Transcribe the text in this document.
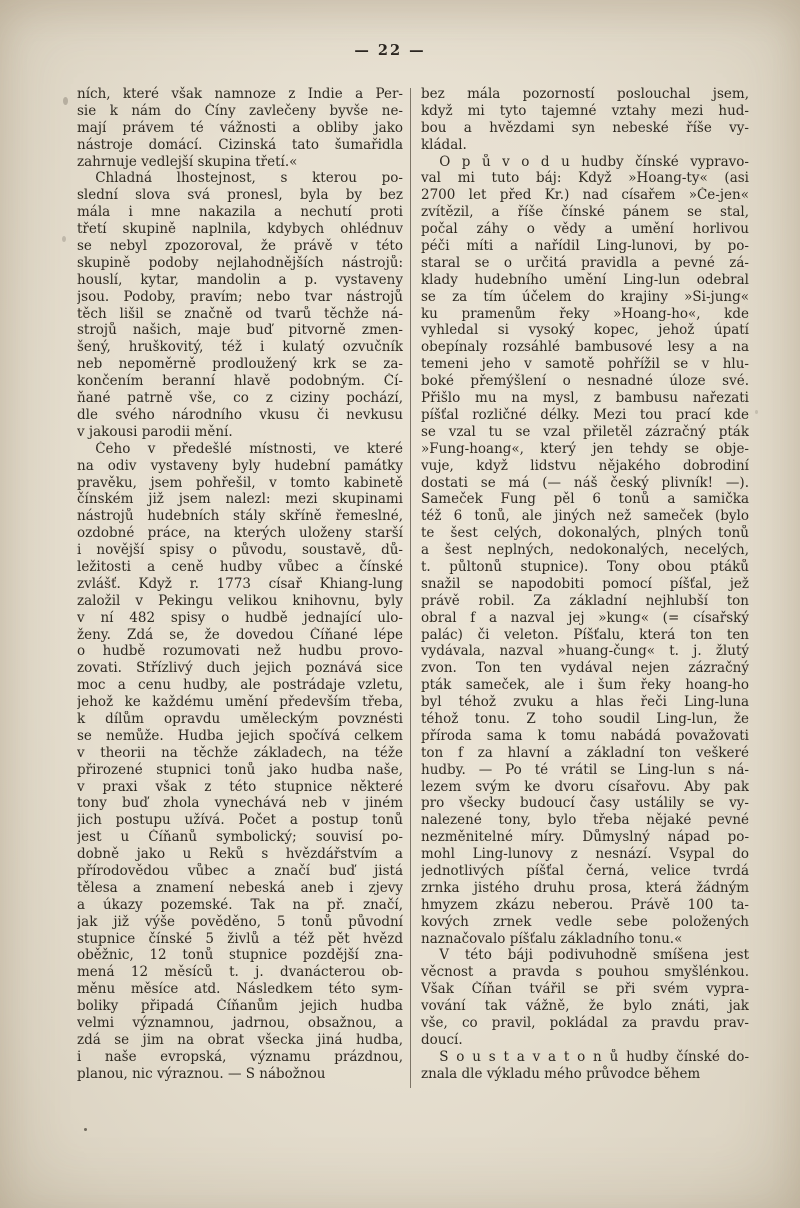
— 22 —
ních, které však namnoze z Indie a Per-
sie k nám do Číny zavlečeny byvše ne-
mají právem té vážnosti a obliby jako
nástroje domácí. Cizinská tato šumařidla
zahrnuje vedlejší skupina třetí.«
Chladná lhostejnost, s kterou po-
slední slova svá pronesl, byla by bez
mála i mne nakazila a nechutí proti
třetí skupině naplnila, kdybych ohlédnuv
se nebyl zpozoroval, že právě v této
skupině podoby nejlahodnějších nástrojů:
houslí, kytar, mandolin a p. vystaveny
jsou. Podoby, pravím; nebo tvar nástrojů
těch lišil se značně od tvarů těchže ná-
strojů našich, maje buď pitvorně zmen-
šený, hruškovitý, též i kulatý ozvučník
neb nepoměrně prodloužený krk se za-
končením beranní hlavě podobným. Čí-
ňané patrně vše, co z ciziny pochází,
dle svého národního vkusu či nevkusu
v jakousi parodii mění.
Čeho v předešlé místnosti, ve které
na odiv vystaveny byly hudební památky
pravěku, jsem pohřešil, v tomto kabinetě
čínském již jsem nalezl: mezi skupinami
nástrojů hudebních stály skříně řemeslné,
ozdobné práce, na kterých uloženy starší
i novější spisy o původu, soustavě, dů-
ležitosti a ceně hudby vůbec a čínské
zvlášť. Když r. 1773 císař Khiang-lung
založil v Pekingu velikou knihovnu, byly
v ní 482 spisy o hudbě jednající ulo-
ženy. Zdá se, že dovedou Číňané lépe
o hudbě rozumovati než hudbu provo-
zovati. Střízlivý duch jejich poznává sice
moc a cenu hudby, ale postrádaje vzletu,
jehož ke každému umění především třeba,
k dílům opravdu uměleckým povznésti
se nemůže. Hudba jejich spočívá celkem
v theorii na těchže základech, na téže
přirozené stupnici tonů jako hudba naše,
v praxi však z této stupnice některé
tony buď zhola vynechává neb v jiném
jich postupu užívá. Počet a postup tonů
jest u Číňanů symbolický; souvisí po-
dobně jako u Reků s hvězdářstvím a
přírodovědou vůbec a značí buď jistá
tělesa a znamení nebeská aneb i zjevy
a úkazy pozemské. Tak na př. značí,
jak již výše pověděno, 5 tonů původní
stupnice čínské 5 živlů a též pět hvězd
oběžnic, 12 tonů stupnice pozdější zna-
mená 12 měsíců t. j. dvanácterou ob-
měnu měsíce atd. Následkem této sym-
boliky připadá Číňanům jejich hudba
velmi významnou, jadrnou, obsažnou, a
zdá se jim na obrat všecka jiná hudba,
i naše evropská, významu prázdnou,
planou, nic výraznou. — S nábožnou
bez mála pozorností poslouchal jsem,
když mi tyto tajemné vztahy mezi hud-
bou a hvězdami syn nebeské říše vy-
kládal.
O p ů v o d u hudby čínské vypravo-
val mi tuto báj: Když »Hoang-ty« (asi
2700 let před Kr.) nad císařem »Če-jen«
zvítězil, a říše čínské pánem se stal,
počal záhy o vědy a umění horlivou
péči míti a nařídil Ling-lunovi, by po-
staral se o určitá pravidla a pevné zá-
klady hudebního umění Ling-lun odebral
se za tím účelem do krajiny »Si-jung«
ku pramenům řeky »Hoang-ho«, kde
vyhledal si vysoký kopec, jehož úpatí
obepínaly rozsáhlé bambusové lesy a na
temeni jeho v samotě pohřížil se v hlu-
boké přemýšlení o nesnadné úloze své.
Přišlo mu na mysl, z bambusu nařezati
píšťal rozličné délky. Mezi tou prací kde
se vzal tu se vzal přiletěl zázračný pták
»Fung-hoang«, který jen tehdy se obje-
vuje, když lidstvu nějakého dobrodiní
dostati se má (— náš český plivník! —).
Sameček Fung pěl 6 tonů a samička
též 6 tonů, ale jiných než sameček (bylo
te šest celých, dokonalých, plných tonů
a šest neplných, nedokonalých, necelých,
t. půltonů stupnice). Tony obou ptáků
snažil se napodobiti pomocí píšťal, jež
právě robil. Za základní nejhlubší ton
obral f a nazval jej »kung« (= císařský
palác) či veleton. Píšťalu, která ton ten
vydávala, nazval »huang-čung« t. j. žlutý
zvon. Ton ten vydával nejen zázračný
pták sameček, ale i šum řeky hoang-ho
byl téhož zvuku a hlas řeči Ling-luna
téhož tonu. Z toho soudil Ling-lun, že
příroda sama k tomu nabádá považovati
ton f za hlavní a základní ton veškeré
hudby. — Po té vrátil se Ling-lun s ná-
lezem svým ke dvoru císařovu. Aby pak
pro všecky budoucí časy ustálily se vy-
nalezené tony, bylo třeba nějaké pevné
nezměnitelné míry. Důmyslný nápad po-
mohl Ling-lunovy z nesnází. Vsypal do
jednotlivých píšťal černá, velice tvrdá
zrnka jistého druhu prosa, která žádným
hmyzem zkázu neberou. Právě 100 ta-
kových zrnek vedle sebe položených
naznačovalo píšťalu základního tonu.«
V této báji podivuhodně smíšena jest
věcnost a pravda s pouhou smyšlénkou.
Však Číňan tvářil se při svém vypra-
vování tak vážně, že bylo znáti, jak
vše, co pravil, pokládal za pravdu prav-
doucí.
S o u s t a v a t o n ů hudby čínské do-
znala dle výkladu mého průvodce během
